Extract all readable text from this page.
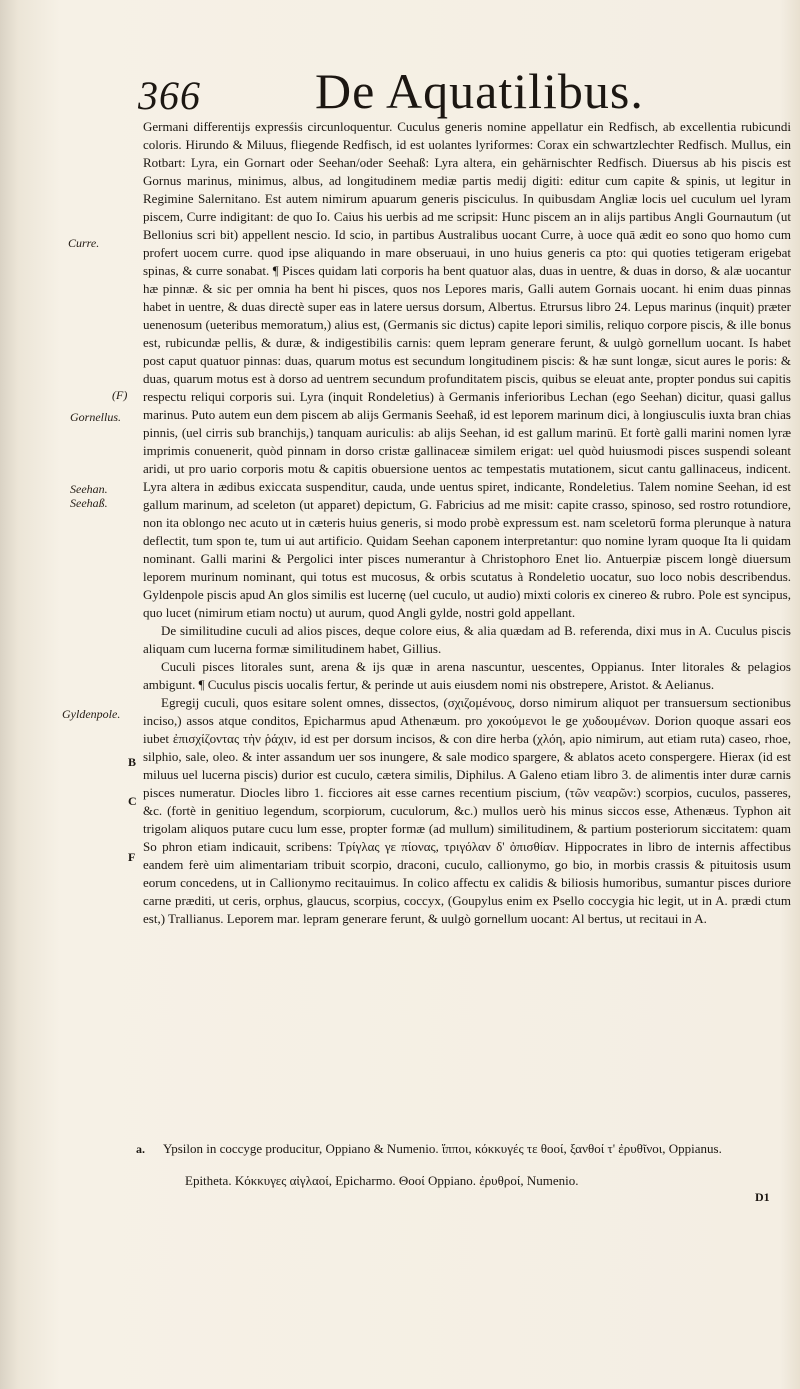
366 De Aquatilibus.
Curre.
(F)
Gornellus.
Seehan.
Seehaß.
Gyldenpole.
B
C
F
a.

Germani differentijs expresśis circunloquentur. Cuculus generis nomine appellatur ein Redfisch, ab excellentia rubicundi coloris. Hirundo & Miluus, fliegende Redfisch, id est uolantes lyriformes: Corax ein schwartzlechter Redfisch. Mullus, ein Rotbart: Lyra, ein Gornart oder Seehan/oder Seehaß: Lyra altera, ein gehärnischter Redfisch. Diuersus ab his piscis est Gornus marinus, minimus, albus, ad longitudinem mediæ partis medij digiti: editur cum capite & spinis, ut legitur in Regimine Salernitano. Est autem nimirum apuarum generis pisciculus. In quibusdam Angliæ locis uel cuculum uel lyram piscem, Curre indigitant: de quo Io. Caius his uerbis ad me scripsit: Hunc piscem an in alijs partibus Angli Gournautum (ut Bellonius scri bit) appellent nescio. Id scio, in partibus Australibus uocant Curre, à uoce quā ædit eo sono quo homo cum profert uocem curre. quod ipse aliquando in mare obseruaui, in uno huius generis ca pto: qui quoties tetigeram erigebat spinas, & curre sonabat. ¶ Pisces quidam lati corporis ha bent quatuor alas, duas in uentre, & duas in dorso, & alæ uocantur hæ pinnæ. & sic per omnia ha bent hi pisces, quos nos Lepores maris, Galli autem Gornais uocant. hi enim duas pinnas habet in uentre, & duas directè super eas in latere uersus dorsum, Albertus. Etrursus libro 24. Lepus marinus (inquit) præter uenenosum (ueteribus memoratum,) alius est, (Germanis sic dictus) capite lepori similis, reliquo corpore piscis, & ille bonus est, rubicundæ pellis, & duræ, & indigestibilis carnis: quem lepram generare ferunt, & uulgò gornellum uocant. Is habet post caput quatuor pinnas: duas, quarum motus est secundum longitudinem piscis: & hæ sunt longæ, sicut aures le poris: & duas, quarum motus est à dorso ad uentrem secundum profunditatem piscis, quibus se eleuat ante, propter pondus sui capitis respectu reliqui corporis sui. Lyra (inquit Rondeletius) à Germanis inferioribus Lechan (ego Seehan) dicitur, quasi gallus marinus. Puto autem eun dem piscem ab alijs Germanis Seehaß, id est leporem marinum dici, à longiusculis iuxta bran chias pinnis, (uel cirris sub branchijs,) tanquam auriculis: ab alijs Seehan, id est gallum marinū. Et fortè galli marini nomen lyræ imprimis conuenerit, quòd pinnam in dorso cristæ gallinaceæ similem erigat: uel quòd huiusmodi pisces suspendi soleant aridi, ut pro uario corporis motu & capitis obuersione uentos ac tempestatis mutationem, sicut cantu gallinaceus, indicent. Lyra altera in ædibus exiccata suspenditur, cauda, unde uentus spiret, indicante, Rondeletius. Talem nomine Seehan, id est gallum marinum, ad sceleton (ut apparet) depictum, G. Fabricius ad me misit: capite crasso, spinoso, sed rostro rotundiore, non ita oblongo nec acuto ut in cæteris huius generis, si modo probè expressum est. nam sceletorū forma plerunque à natura deflectit, tum spon te, tum ui aut artificio. Quidam Seehan caponem interpretantur: quo nomine lyram quoque Ita li quidam nominant. Galli marini & Pergolici inter pisces numerantur à Christophoro Enet lio. Antuerpiæ piscem longè diuersum leporem murinum nominant, qui totus est mucosus, & orbis scutatus à Rondeletio uocatur, suo loco nobis describendus. Gyldenpole piscis apud An glos similis est lucernę (uel cuculo, ut audio) mixti coloris ex cinereo & rubro. Pole est syncipus, quo lucet (nimirum etiam noctu) ut aurum, quod Angli gylde, nostri gold appellant.

De similitudine cuculi ad alios pisces, deque colore eius, & alia quædam ad B. referenda, dixi mus in A. Cuculus piscis aliquam cum lucerna formæ similitudinem habet, Gillius.

Cuculi pisces litorales sunt, arena & ijs quæ in arena nascuntur, uescentes, Oppianus. Inter litorales & pelagios ambigunt. ¶ Cuculus piscis uocalis fertur, & perinde ut auis eiusdem nomi nis obstrepere, Aristot. & Aelianus.

Egregij cuculi, quos esitare solent omnes, dissectos, (σχιζομένους, dorso nimirum aliquot per transuersum sectionibus inciso,) assos atque conditos, Epicharmus apud Athenæum. pro χοκούμενοι le ge χυδουμένων. Dorion quoque assari eos iubet ἐπισχίζοντας τὴν ῥάχιν, id est per dorsum incisos, & con dire herba (χλόη, apio nimirum, aut etiam ruta) caseo, rhoe, silphio, sale, oleo. & inter assandum uer sos inungere, & sale modico spargere, & ablatos aceto conspergere. Hierax (id est miluus uel lucerna piscis) durior est cuculo, cætera similis, Diphilus. A Galeno etiam libro 3. de alimentis inter duræ carnis pisces numeratur. Diocles libro 1. ficciores ait esse carnes recentium piscium, (τῶν νεαρῶν:) scorpios, cuculos, passeres, &c. (fortè in genitiuo legendum, scorpiorum, cuculorum, &c.) mullos uerò his minus siccos esse, Athenæus. Typhon ait trigolam aliquos putare cucu lum esse, propter formæ (ad mullum) similitudinem, & partium posteriorum siccitatem: quam So phron etiam indicauit, scribens: Τρίγλας γε πίονας, τριγόλαν δ' ὀπισθίαν. Hippocrates in libro de internis affectibus eandem ferè uim alimentariam tribuit scorpio, draconi, cuculo, callionymo, go bio, in morbis crassis & pituitosis usum eorum concedens, ut in Callionymo recitauimus. In colico affectu ex calidis & biliosis humoribus, sumantur pisces duriore carne præditi, ut ceris, orphus, glaucus, scorpius, coccyx, (Goupylus enim ex Psello coccygia hic legit, ut in A. prædi ctum est,) Trallianus. Leporem mar. lepram generare ferunt, & uulgò gornellum uocant: Al bertus, ut recitaui in A.

Ypsilon in coccyge producitur, Oppiano & Numenio. ἵπποι, κόκκυγές τε θοοί, ξανθοί τ' ἐρυθῖνοι, Oppianus.
Epitheta. Κόκκυγες αἰγλαοί, Epicharmo. Θοοί Oppiano. ἐρυθροί, Numenio.
D1
